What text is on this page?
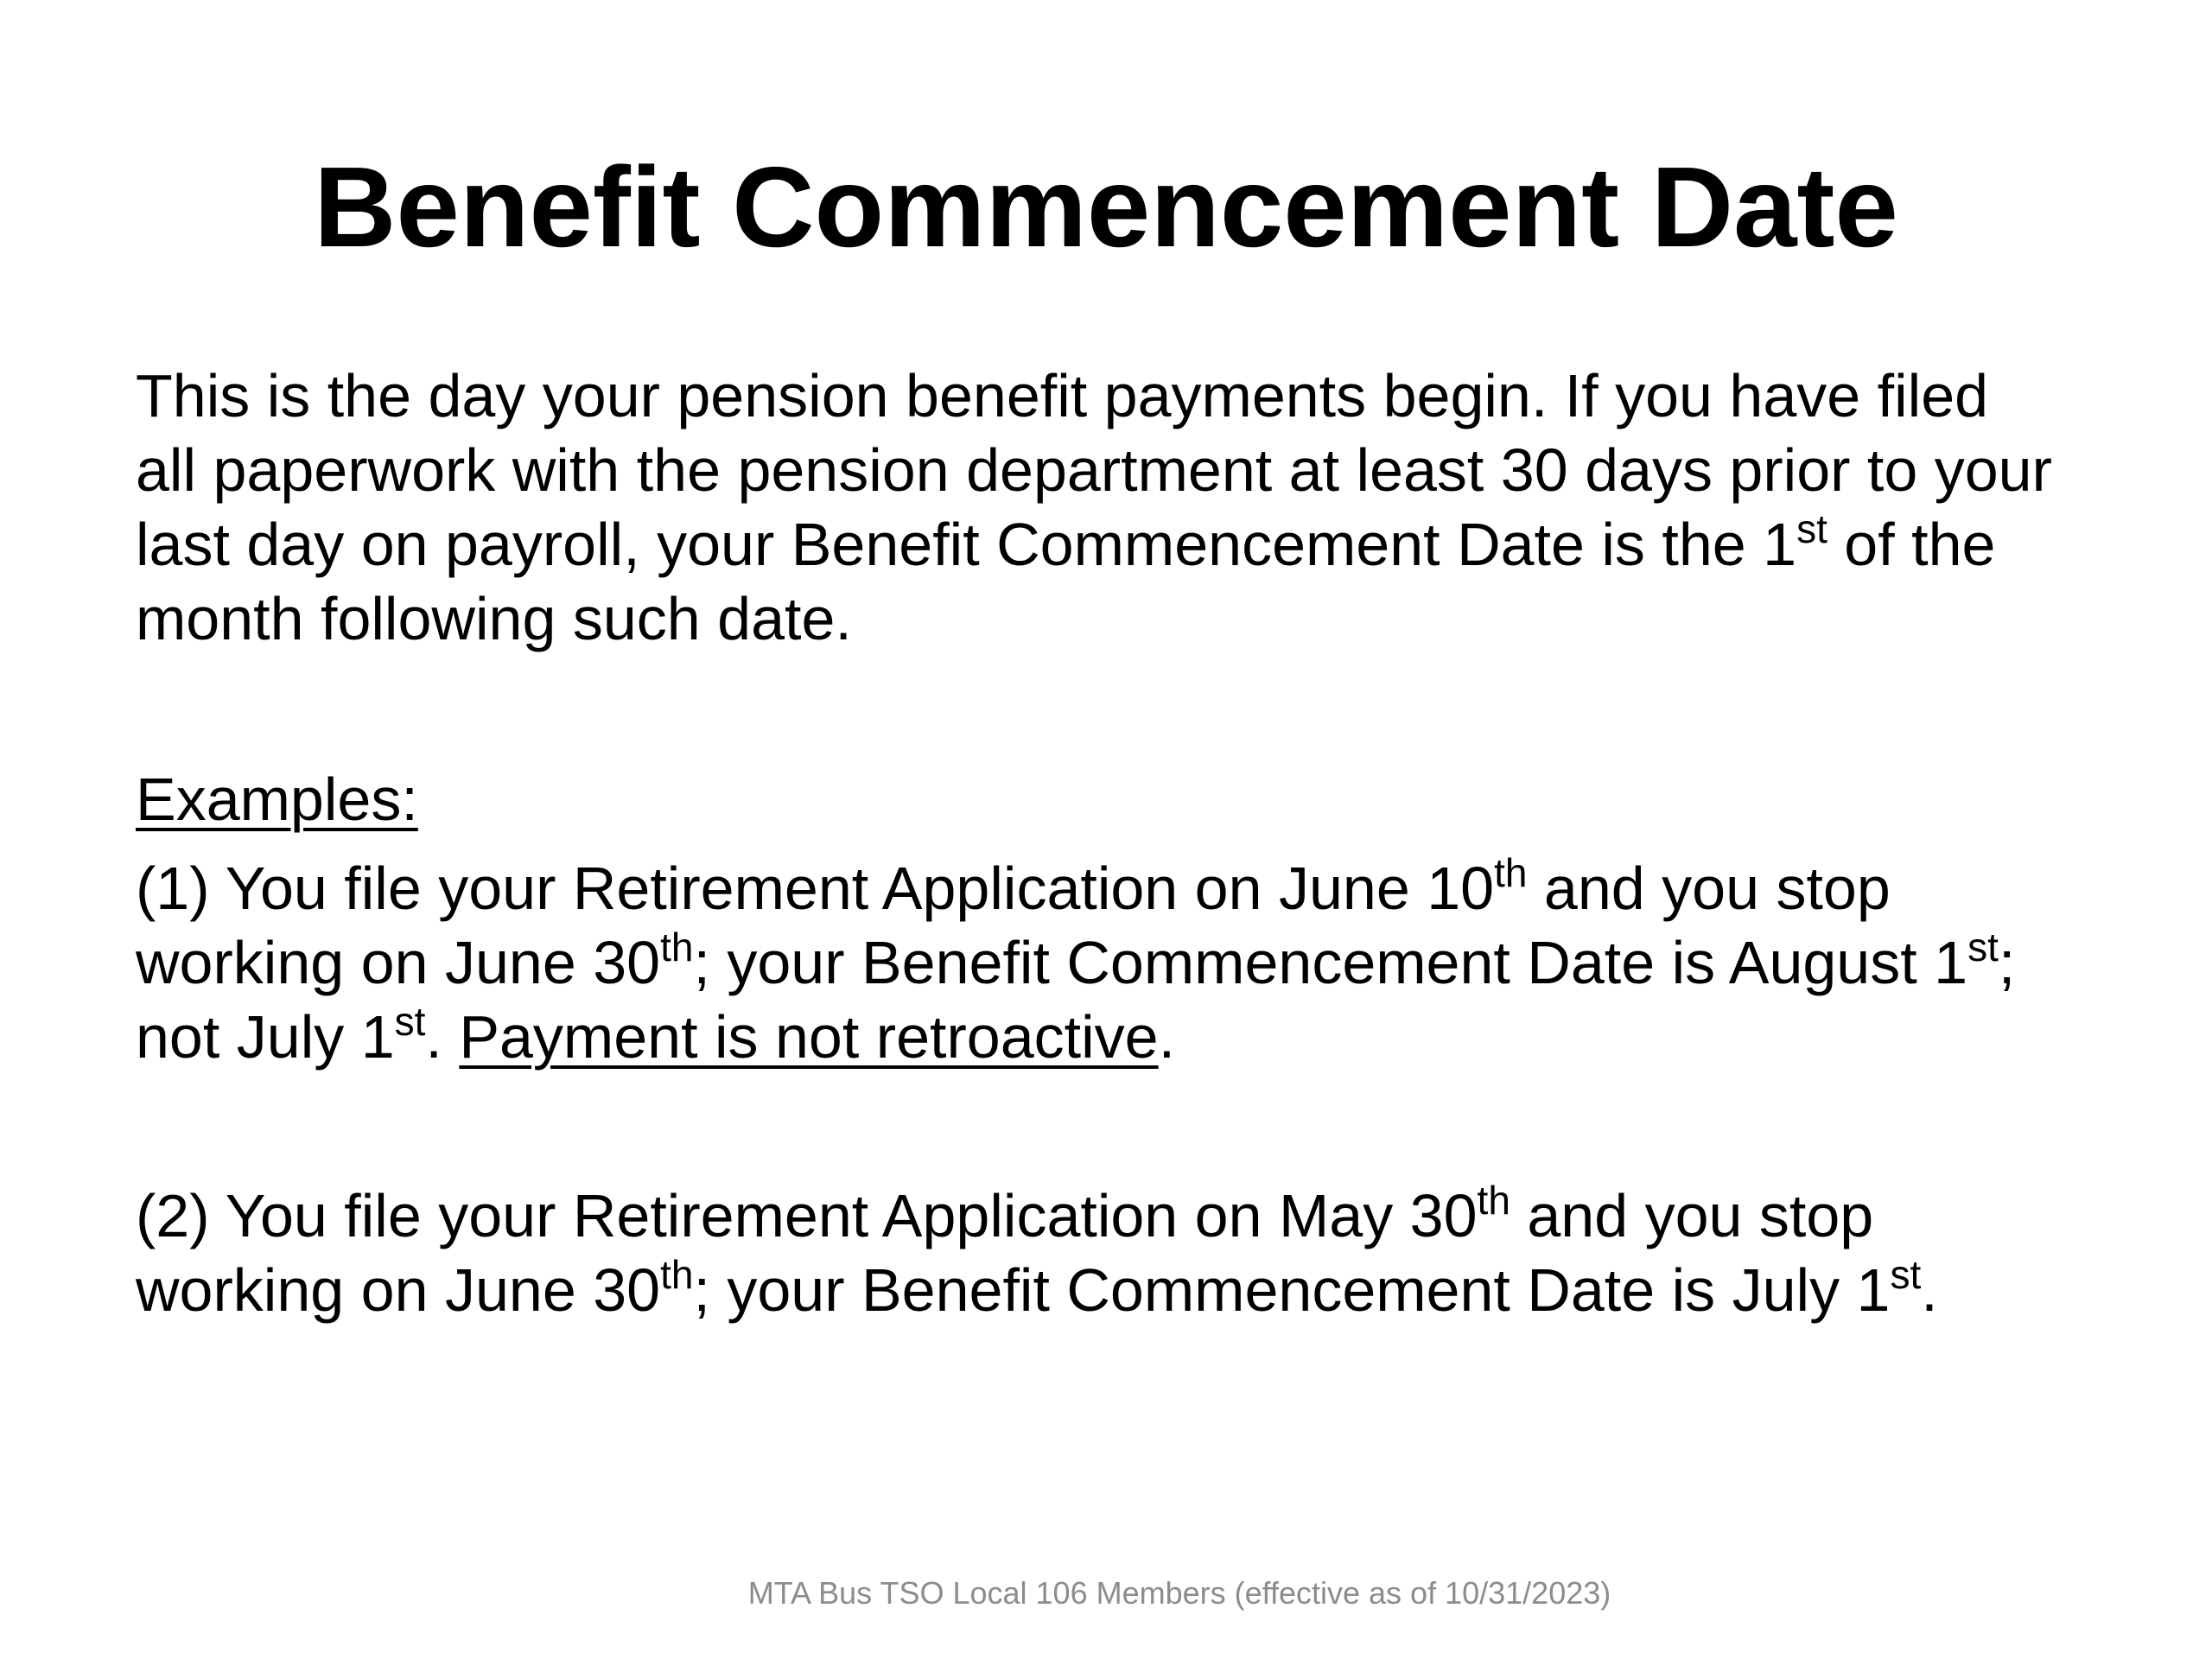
Benefit Commencement Date
This is the day your pension benefit payments begin. If you have filed
all paperwork with the pension department at least 30 days prior to your
last day on payroll, your Benefit Commencement Date is the 1st of the
month following such date.
Examples:
(1) You file your Retirement Application on June 10th and you stop
working on June 30th; your Benefit Commencement Date is August 1st;
not July 1st. Payment is not retroactive.
(2) You file your Retirement Application on May 30th and you stop
working on June 30th; your Benefit Commencement Date is July 1st.
MTA Bus TSO Local 106 Members (effective as of 10/31/2023)
